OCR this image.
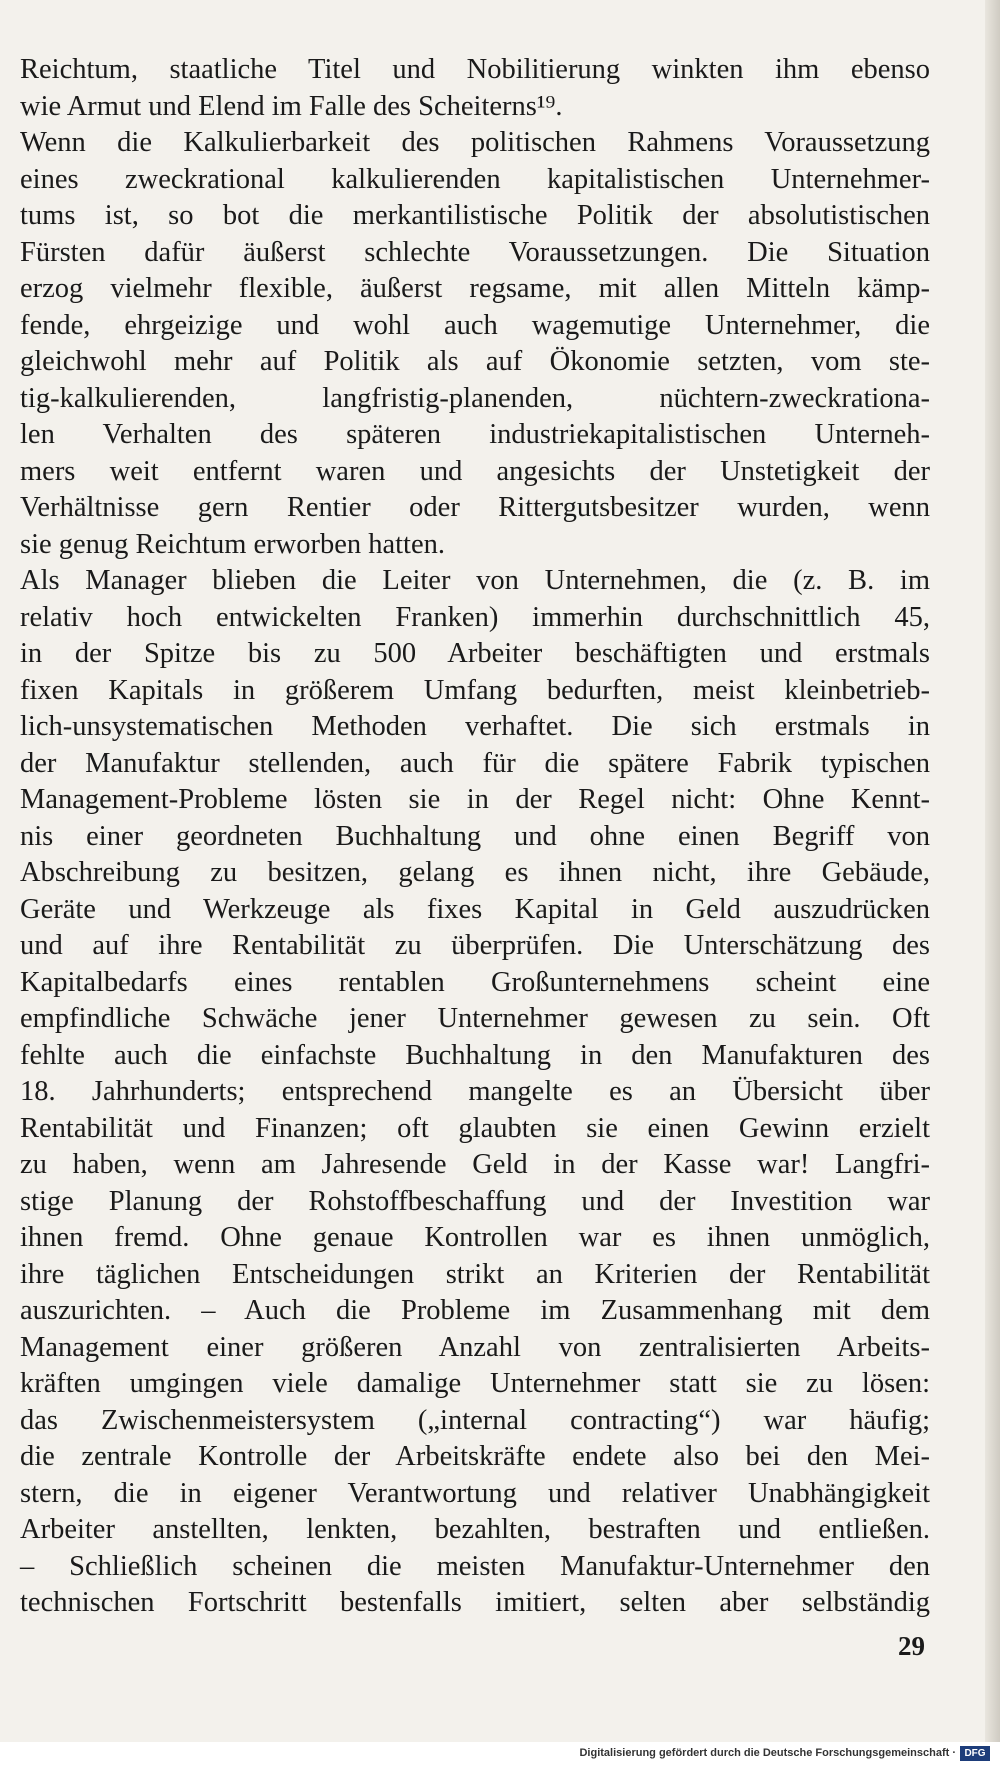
Reichtum, staatliche Titel und Nobilitierung winkten ihm ebenso
wie Armut und Elend im Falle des Scheiterns¹⁹.
Wenn die Kalkulierbarkeit des politischen Rahmens Voraussetzung
eines zweckrational kalkulierenden kapitalistischen Unternehmer-
tums ist, so bot die merkantilistische Politik der absolutistischen
Fürsten dafür äußerst schlechte Voraussetzungen. Die Situation
erzog vielmehr flexible, äußerst regsame, mit allen Mitteln kämp-
fende, ehrgeizige und wohl auch wagemutige Unternehmer, die
gleichwohl mehr auf Politik als auf Ökonomie setzten, vom ste-
tig-kalkulierenden, langfristig-planenden, nüchtern-zweckrationa-
len Verhalten des späteren industriekapitalistischen Unterneh-
mers weit entfernt waren und angesichts der Unstetigkeit der
Verhältnisse gern Rentier oder Rittergutsbesitzer wurden, wenn
sie genug Reichtum erworben hatten.
Als Manager blieben die Leiter von Unternehmen, die (z. B. im
relativ hoch entwickelten Franken) immerhin durchschnittlich 45,
in der Spitze bis zu 500 Arbeiter beschäftigten und erstmals
fixen Kapitals in größerem Umfang bedurften, meist kleinbetrieb-
lich-unsystematischen Methoden verhaftet. Die sich erstmals in
der Manufaktur stellenden, auch für die spätere Fabrik typischen
Management-Probleme lösten sie in der Regel nicht: Ohne Kennt-
nis einer geordneten Buchhaltung und ohne einen Begriff von
Abschreibung zu besitzen, gelang es ihnen nicht, ihre Gebäude,
Geräte und Werkzeuge als fixes Kapital in Geld auszudrücken
und auf ihre Rentabilität zu überprüfen. Die Unterschätzung des
Kapitalbedarfs eines rentablen Großunternehmens scheint eine
empfindliche Schwäche jener Unternehmer gewesen zu sein. Oft
fehlte auch die einfachste Buchhaltung in den Manufakturen des
18. Jahrhunderts; entsprechend mangelte es an Übersicht über
Rentabilität und Finanzen; oft glaubten sie einen Gewinn erzielt
zu haben, wenn am Jahresende Geld in der Kasse war! Langfri-
stige Planung der Rohstoffbeschaffung und der Investition war
ihnen fremd. Ohne genaue Kontrollen war es ihnen unmöglich,
ihre täglichen Entscheidungen strikt an Kriterien der Rentabilität
auszurichten. – Auch die Probleme im Zusammenhang mit dem
Management einer größeren Anzahl von zentralisierten Arbeits-
kräften umgingen viele damalige Unternehmer statt sie zu lösen:
das Zwischenmeistersystem („internal contracting“) war häufig;
die zentrale Kontrolle der Arbeitskräfte endete also bei den Mei-
stern, die in eigener Verantwortung und relativer Unabhängigkeit
Arbeiter anstellten, lenkten, bezahlten, bestraften und entließen.
– Schließlich scheinen die meisten Manufaktur-Unternehmer den
technischen Fortschritt bestenfalls imitiert, selten aber selbständig
29
Digitalisierung gefördert durch die Deutsche Forschungsgemeinschaft · DFG
